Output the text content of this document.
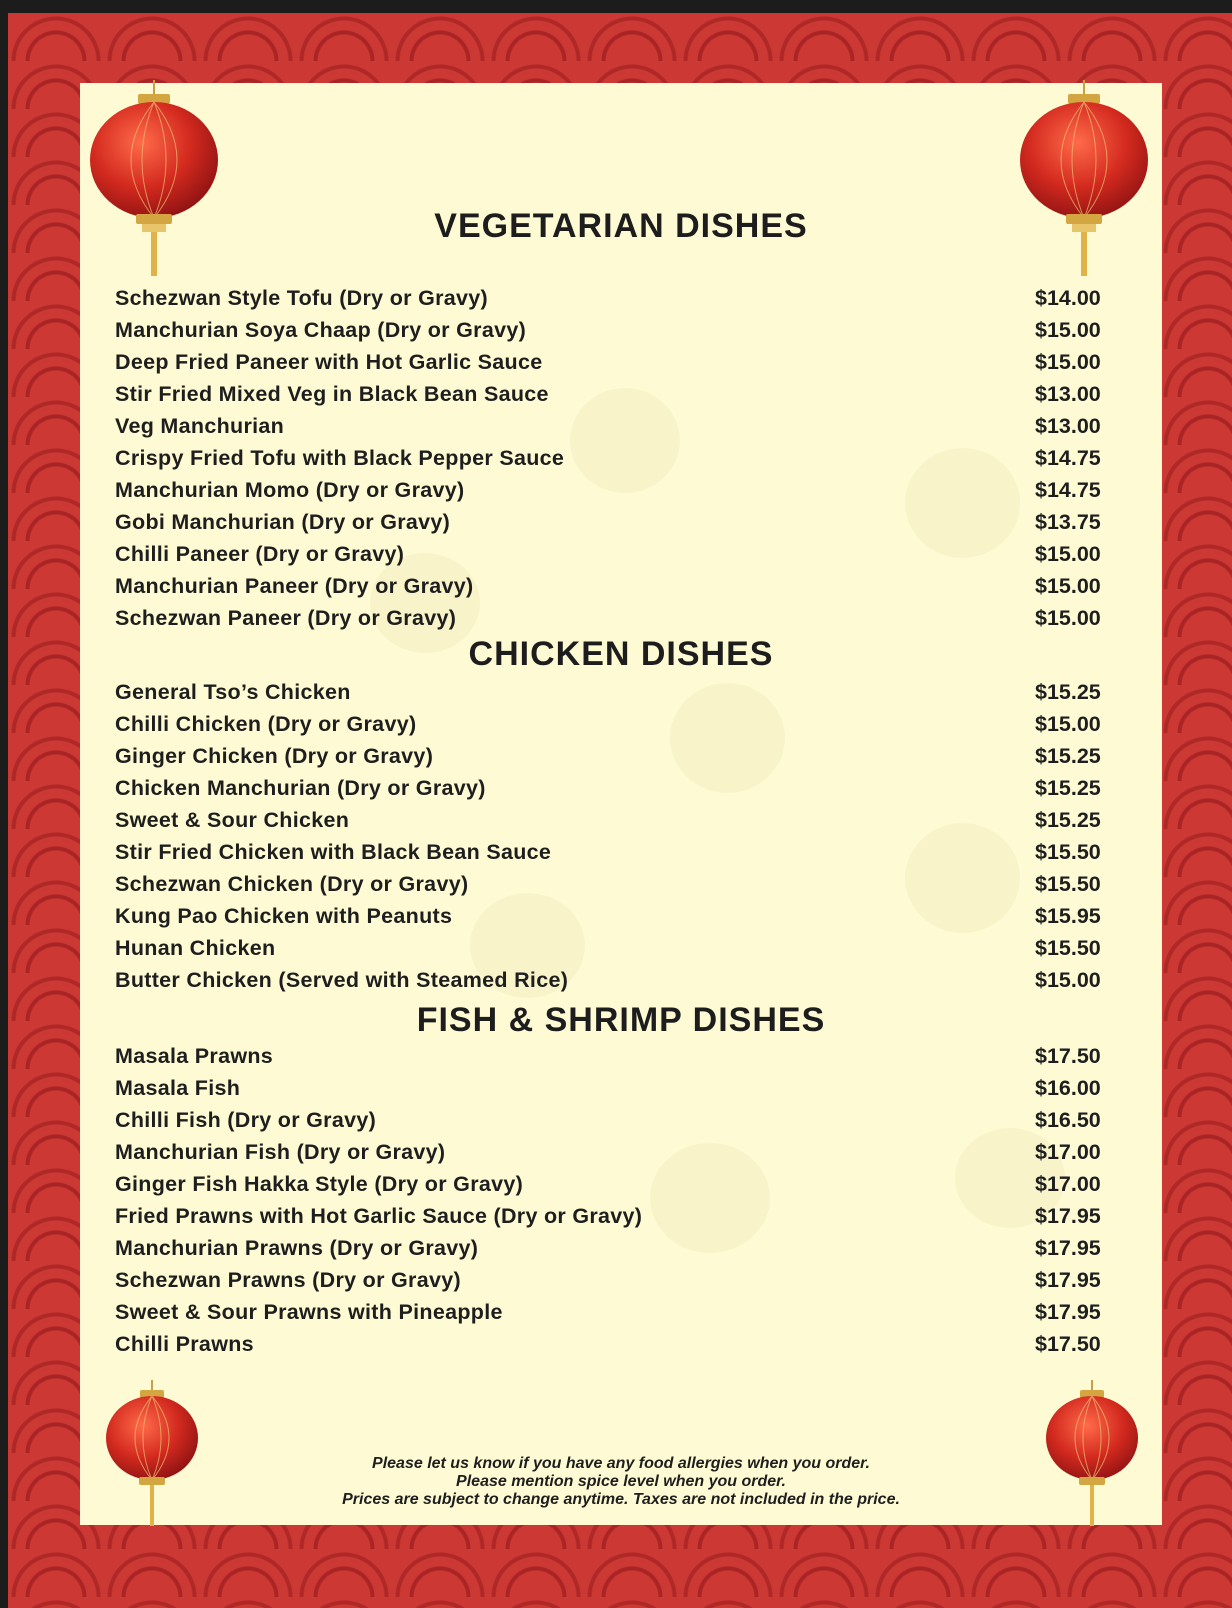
VEGETARIAN DISHES
Schezwan Style Tofu (Dry or Gravy)	$14.00
Manchurian Soya Chaap (Dry or Gravy)	$15.00
Deep Fried Paneer with Hot Garlic Sauce	$15.00
Stir Fried Mixed Veg in Black Bean Sauce	$13.00
Veg Manchurian	$13.00
Crispy Fried Tofu with Black Pepper Sauce	$14.75
Manchurian Momo (Dry or Gravy)	$14.75
Gobi Manchurian (Dry or Gravy)	$13.75
Chilli Paneer (Dry or Gravy)	$15.00
Manchurian Paneer (Dry or Gravy)	$15.00
Schezwan Paneer (Dry or Gravy)	$15.00
CHICKEN DISHES
General Tso’s Chicken	$15.25
Chilli Chicken (Dry or Gravy)	$15.00
Ginger Chicken (Dry or Gravy)	$15.25
Chicken Manchurian (Dry or Gravy)	$15.25
Sweet & Sour Chicken	$15.25
Stir Fried Chicken with Black Bean Sauce	$15.50
Schezwan Chicken (Dry or Gravy)	$15.50
Kung Pao Chicken with Peanuts	$15.95
Hunan Chicken	$15.50
Butter Chicken (Served with Steamed Rice)	$15.00
FISH & SHRIMP DISHES
Masala Prawns	$17.50
Masala Fish	$16.00
Chilli Fish (Dry or Gravy)	$16.50
Manchurian Fish (Dry or Gravy)	$17.00
Ginger Fish Hakka Style (Dry or Gravy)	$17.00
Fried Prawns with Hot Garlic Sauce (Dry or Gravy)	$17.95
Manchurian Prawns (Dry or Gravy)	$17.95
Schezwan Prawns (Dry or Gravy)	$17.95
Sweet & Sour Prawns with Pineapple	$17.95
Chilli Prawns	$17.50
Please let us know if you have any food allergies when you order.
Please mention spice level when you order.
Prices are subject to change anytime. Taxes are not included in the price.
